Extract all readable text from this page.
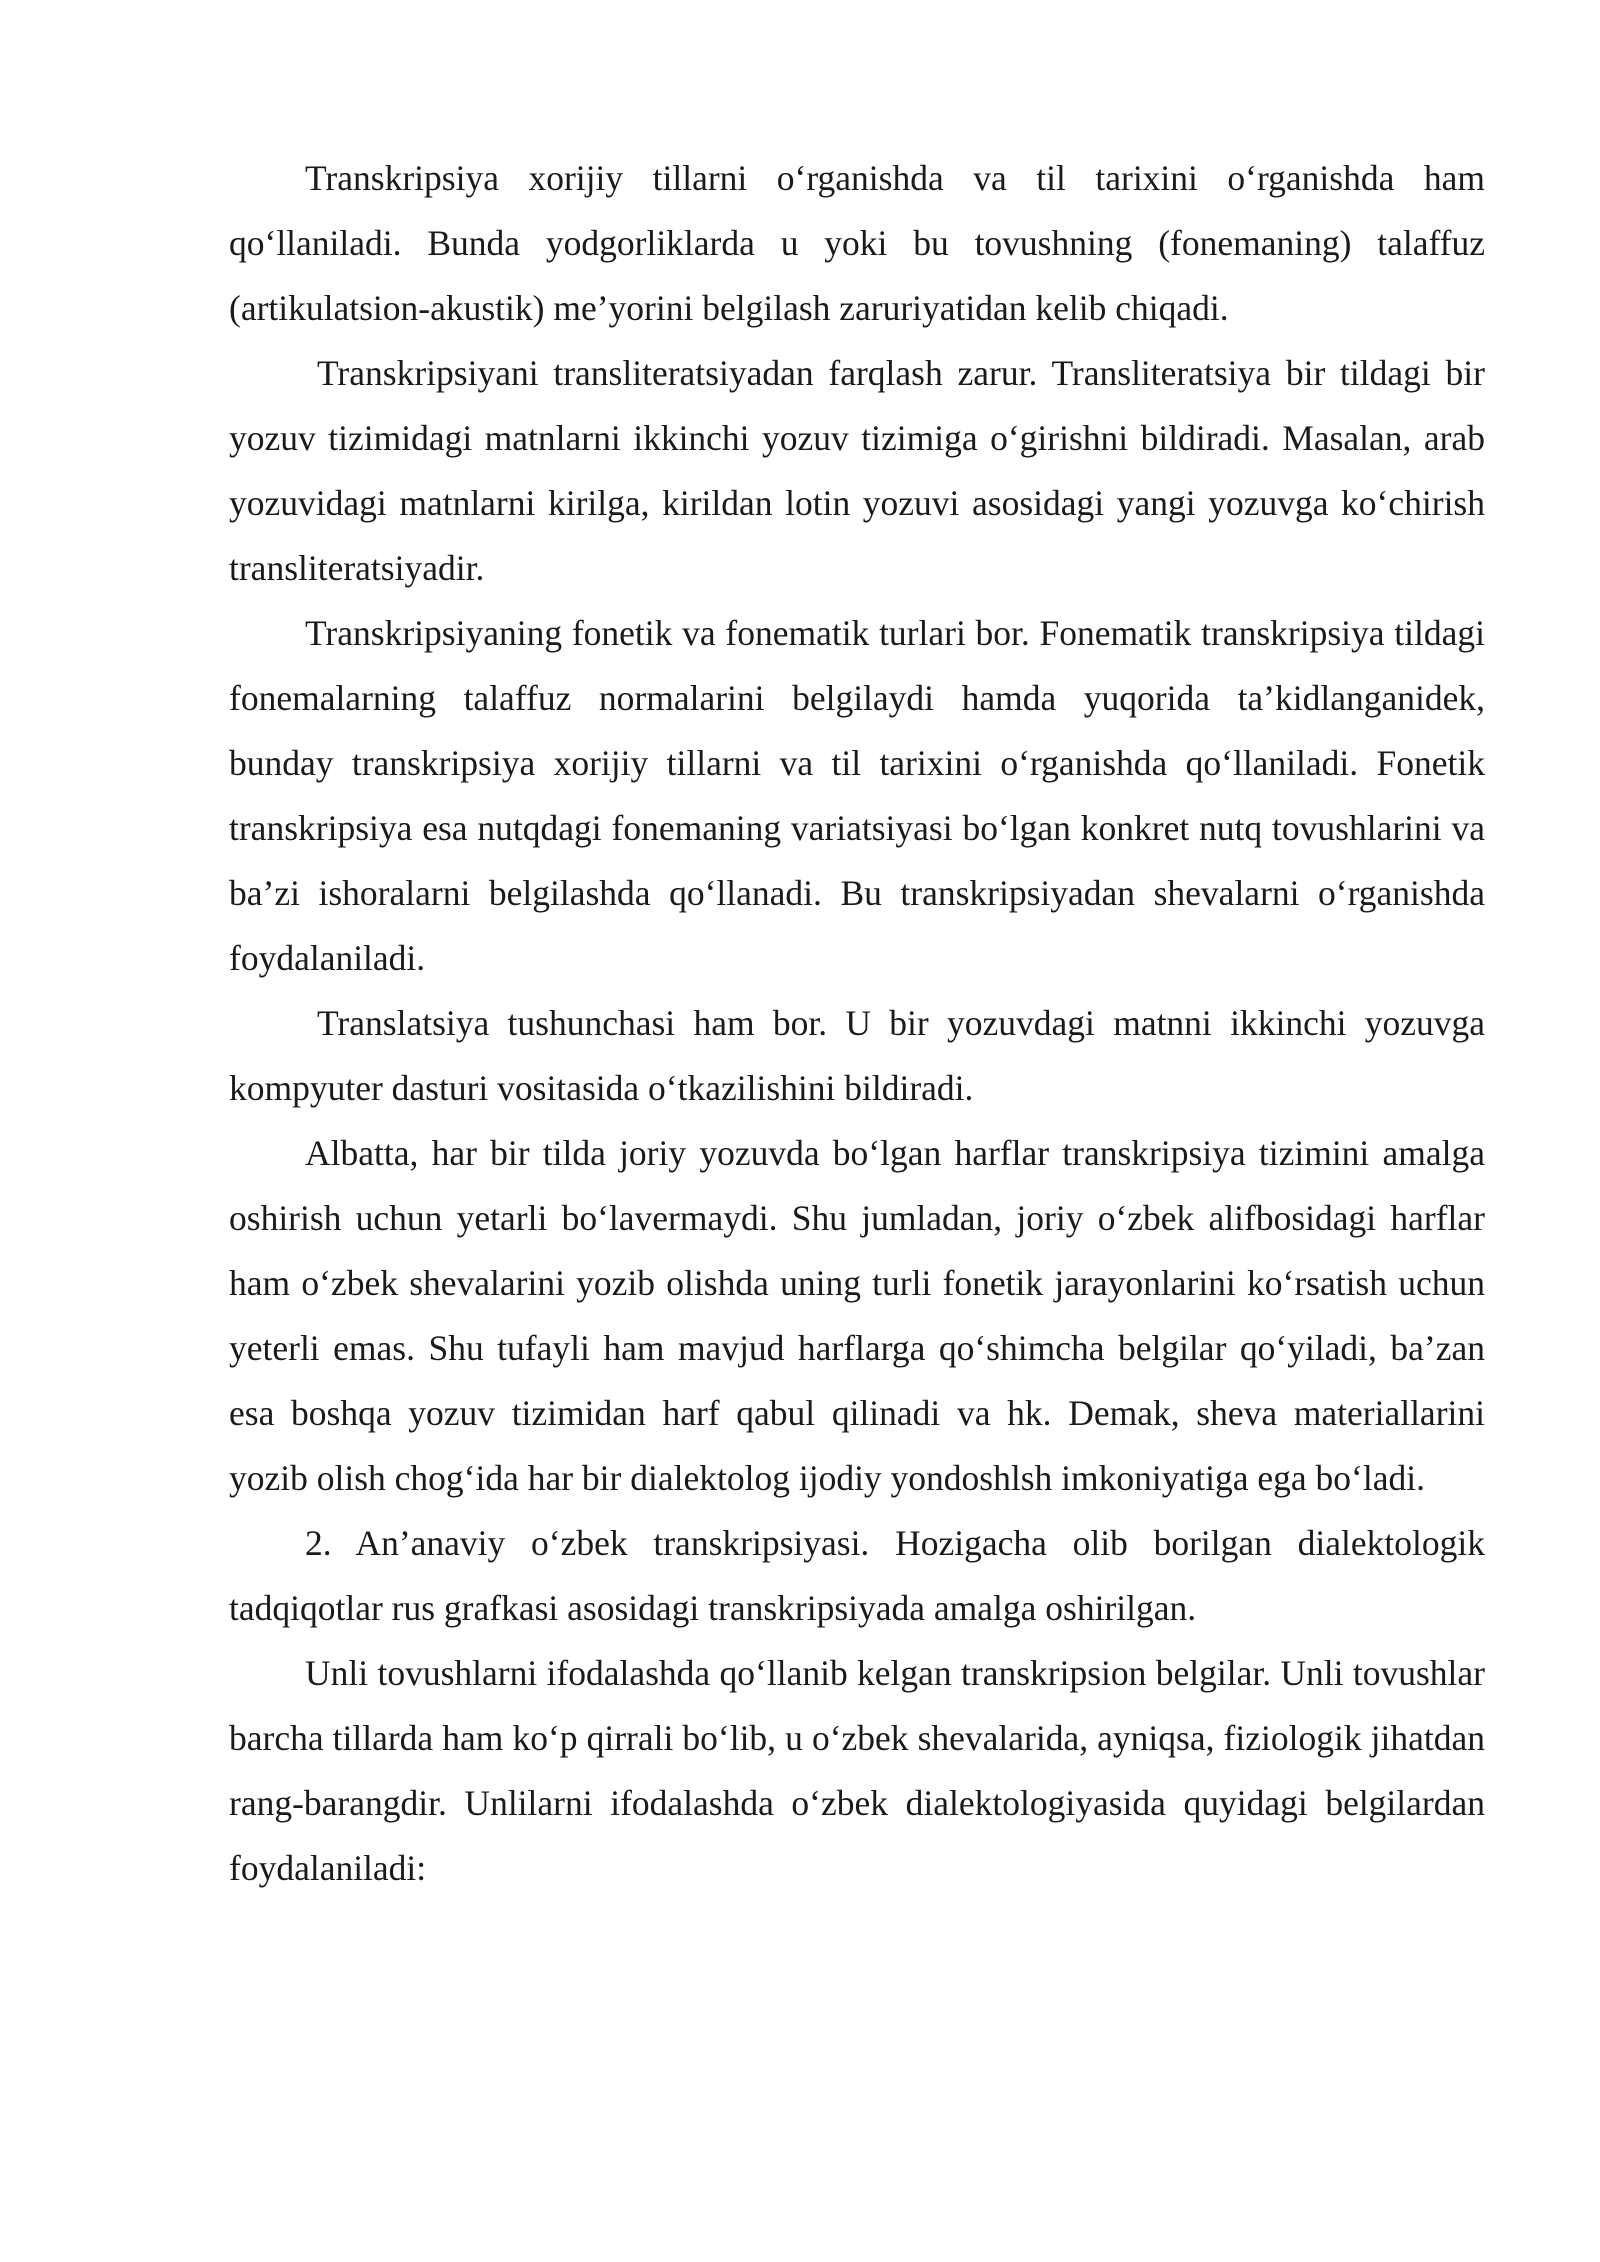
Transkripsiya xorijiy tillarni o‘rganishda va til tarixini o‘rganishda ham qo‘llaniladi. Bunda yodgorliklarda u yoki bu tovushning (fonemaning) talaffuz (artikulatsion-akustik) me’yorini belgilash zaruriyatidan kelib chiqadi.

Transkripsiyani transliteratsiyadan farqlash zarur. Transliteratsiya bir tildagi bir yozuv tizimidagi matnlarni ikkinchi yozuv tizimiga o‘girishni bildiradi. Masalan, arab yozuvidagi matnlarni kirilga, kirildan lotin yozuvi asosidagi yangi yozuvga ko‘chirish transliteratsiyadir.

Transkripsiyaning fonetik va fonematik turlari bor. Fonematik transkripsiya tildagi fonemalarning talaffuz normalarini belgilaydi hamda yuqorida ta’kidlanganidek, bunday transkripsiya xorijiy tillarni va til tarixini o‘rganishda qo‘llaniladi. Fonetik transkripsiya esa nutqdagi fonemaning variatsiyasi bo‘lgan konkret nutq tovushlarini va ba’zi ishoralarni belgilashda qo‘llanadi. Bu transkripsiyadan shevalarni o‘rganishda foydalaniladi.

Translatsiya tushunchasi ham bor. U bir yozuvdagi matnni ikkinchi yozuvga kompyuter dasturi vositasida o‘tkazilishini bildiradi.

Albatta, har bir tilda joriy yozuvda bo‘lgan harflar transkripsiya tizimini amalga oshirish uchun yetarli bo‘lavermaydi. Shu jumladan, joriy o‘zbek alifbosidagi harflar ham o‘zbek shevalarini yozib olishda uning turli fonetik jarayonlarini ko‘rsatish uchun yeterli emas. Shu tufayli ham mavjud harflarga qo‘shimcha belgilar qo‘yiladi, ba’zan esa boshqa yozuv tizimidan harf qabul qilinadi va hk. Demak, sheva materiallarini yozib olish chog‘ida har bir dialektolog ijodiy yondoshlsh imkoniyatiga ega bo‘ladi.

2. An’anaviy o‘zbek transkripsiyasi. Hozigacha olib borilgan dialektologik tadqiqotlar rus grafkasi asosidagi transkripsiyada amalga oshirilgan.

Unli tovushlarni ifodalashda qo‘llanib kelgan transkripsion belgilar. Unli tovushlar barcha tillarda ham ko‘p qirrali bo‘lib, u o‘zbek shevalarida, ayniqsa, fiziologik jihatdan rang-barangdir. Unlilarni ifodalashda o‘zbek dialektologiyasida quyidagi belgilardan foydalaniladi:
